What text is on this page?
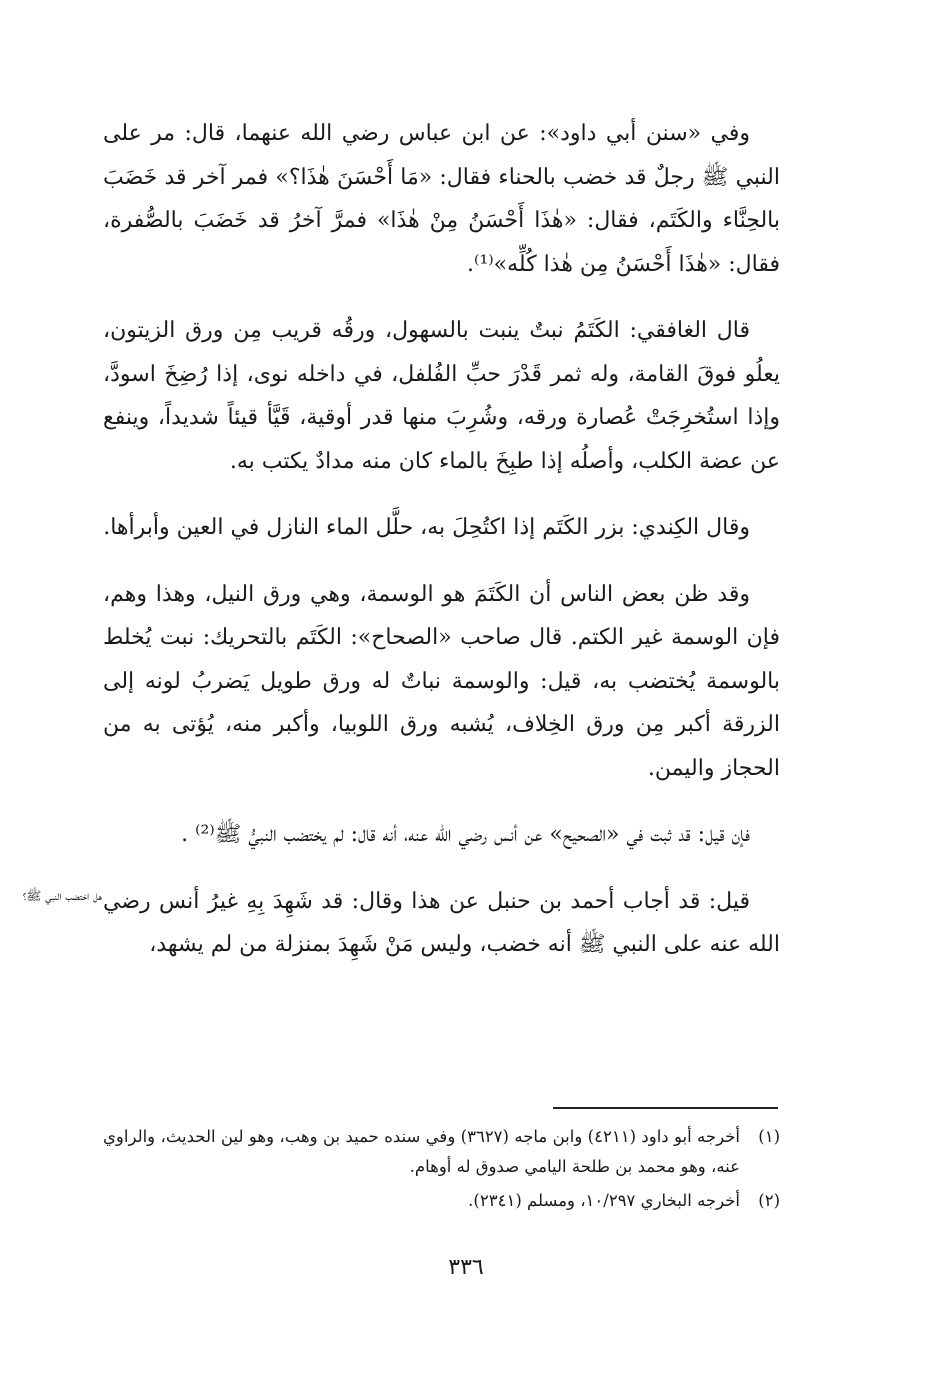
وفي «سنن أبي داود»: عن ابن عباس رضي الله عنهما، قال: مر على النبي ﷺ رجلٌ قد خضب بالحناء فقال: «مَا أَحْسَنَ هٰذَا؟» فمر آخر قد خَضَبَ بالحِنَّاء والكَتَم، فقال: «هٰذَا أَحْسَنُ مِنْ هٰذَا» فمرَّ آخرُ قد خَضَبَ بالصُّفرة، فقال: «هٰذَا أَحْسَنُ مِن هٰذا كُلِّه»⁽¹⁾.

قال الغافقي: الكَتَمُ نبتٌ ينبت بالسهول، ورقُه قريب مِن ورق الزيتون، يعلُو فوقَ القامة، وله ثمر قَدْرَ حبِّ الفُلفل، في داخله نوى، إذا رُضِخَ اسودَّ، وإذا استُخرِجَتْ عُصارة ورقه، وشُرِبَ منها قدر أوقية، قَيَّأ قيئاً شديداً، وينفع عن عضة الكلب، وأصلُه إذا طبِخَ بالماء كان منه مدادٌ يكتب به.

وقال الكِندي: بزر الكَتَم إذا اكتُحِلَ به، حلَّل الماء النازل في العين وأبرأها.

وقد ظن بعض الناس أن الكَتَمَ هو الوسمة، وهي ورق النيل، وهذا وهم، فإن الوسمة غير الكتم. قال صاحب «الصحاح»: الكَتَم بالتحريك: نبت يُخلط بالوسمة يُختضب به، قيل: والوسمة نباتٌ له ورق طويل يَضربُ لونه إلى الزرقة أكبر مِن ورق الخِلاف، يُشبه ورق اللوبيا، وأكبر منه، يُؤتى به من الحجاز واليمن.

فإن قيل: قد ثبت في «الصحيح» عن أنس رضي الله عنه، أنه قال: لم يختضب النبيُّ ﷺ⁽²⁾ .

قيل: قد أجاب أحمد بن حنبل عن هذا وقال: قد شَهِدَ بِهِ غيرُ أنس رضي الله عنه على النبي ﷺ أنه خضب، وليس مَنْ شَهِدَ بمنزلة من لم يشهد،

هل اختضب النبي ﷺ؟
(١)
أخرجه أبو داود (٤٢١١) وابن ماجه (٣٦٢٧) وفي سنده حميد بن وهب، وهو لين الحديث، والراوي عنه، وهو محمد بن طلحة اليامي صدوق له أوهام.
(٢)
أخرجه البخاري ١٠/٢٩٧، ومسلم (٢٣٤١).
٣٣٦
